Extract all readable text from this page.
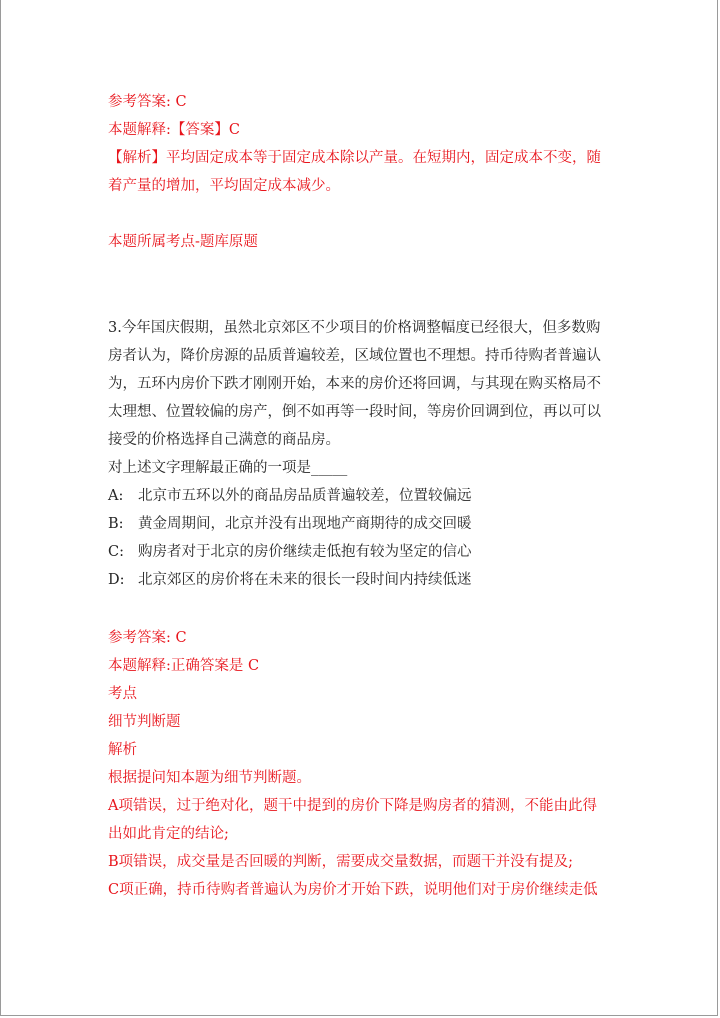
参考答案: C
本题解释:【答案】C
【解析】平均固定成本等于固定成本除以产量。在短期内，固定成本不变，随
着产量的增加，平均固定成本减少。
本题所属考点-题库原题
3.今年国庆假期，虽然北京郊区不少项目的价格调整幅度已经很大，但多数购
房者认为，降价房源的品质普遍较差，区域位置也不理想。持币待购者普遍认
为，五环内房价下跌才刚刚开始，本来的房价还将回调，与其现在购买格局不
太理想、位置较偏的房产，倒不如再等一段时间，等房价回调到位，再以可以
接受的价格选择自己满意的商品房。
对上述文字理解最正确的一项是_____
A: 北京市五环以外的商品房品质普遍较差，位置较偏远
B: 黄金周期间，北京并没有出现地产商期待的成交回暖
C: 购房者对于北京的房价继续走低抱有较为坚定的信心
D: 北京郊区的房价将在未来的很长一段时间内持续低迷
参考答案: C
本题解释:正确答案是 C
考点
细节判断题
解析
根据提问知本题为细节判断题。
A项错误，过于绝对化，题干中提到的房价下降是购房者的猜测，不能由此得
出如此肯定的结论;
B项错误，成交量是否回暖的判断，需要成交量数据，而题干并没有提及;
C项正确，持币待购者普遍认为房价才开始下跌，说明他们对于房价继续走低
